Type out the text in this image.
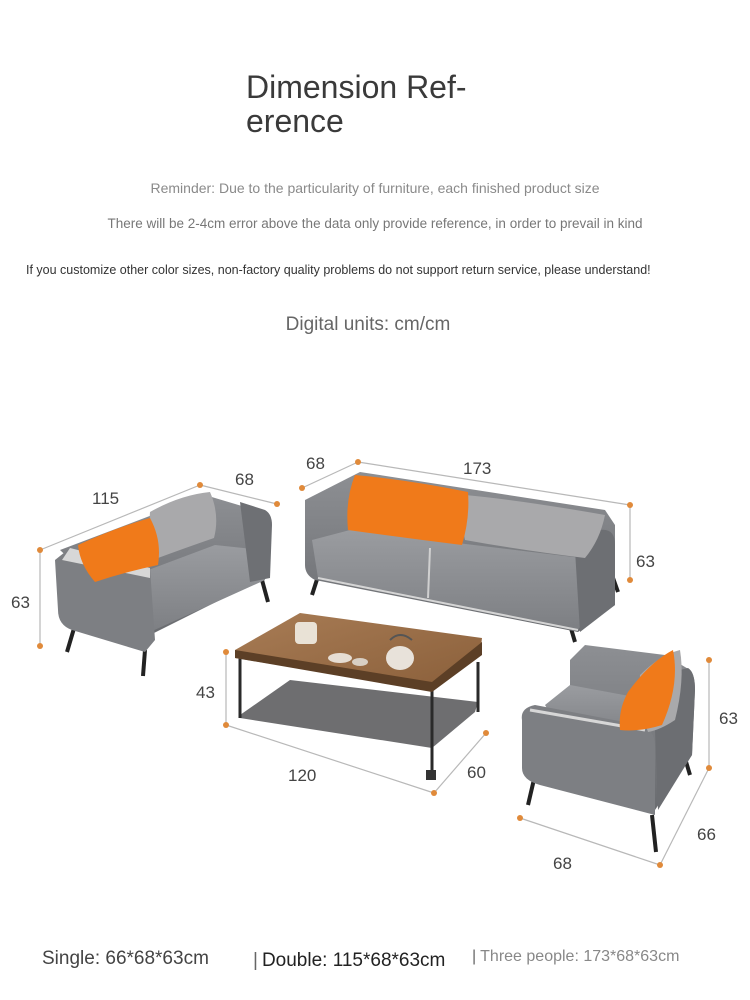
Dimension Ref-
erence
Reminder: Due to the particularity of furniture, each finished product size
There will be 2-4cm error above the data only provide reference, in order to prevail in kind
If you customize other color sizes, non-factory quality problems do not support return service, please understand!
Digital units: cm/cm
115
68
63
68	173
63
43
120	60
63
66
68
Single: 66*68*63cm | Double: 115*68*63cm | Three people: 173*68*63cm
